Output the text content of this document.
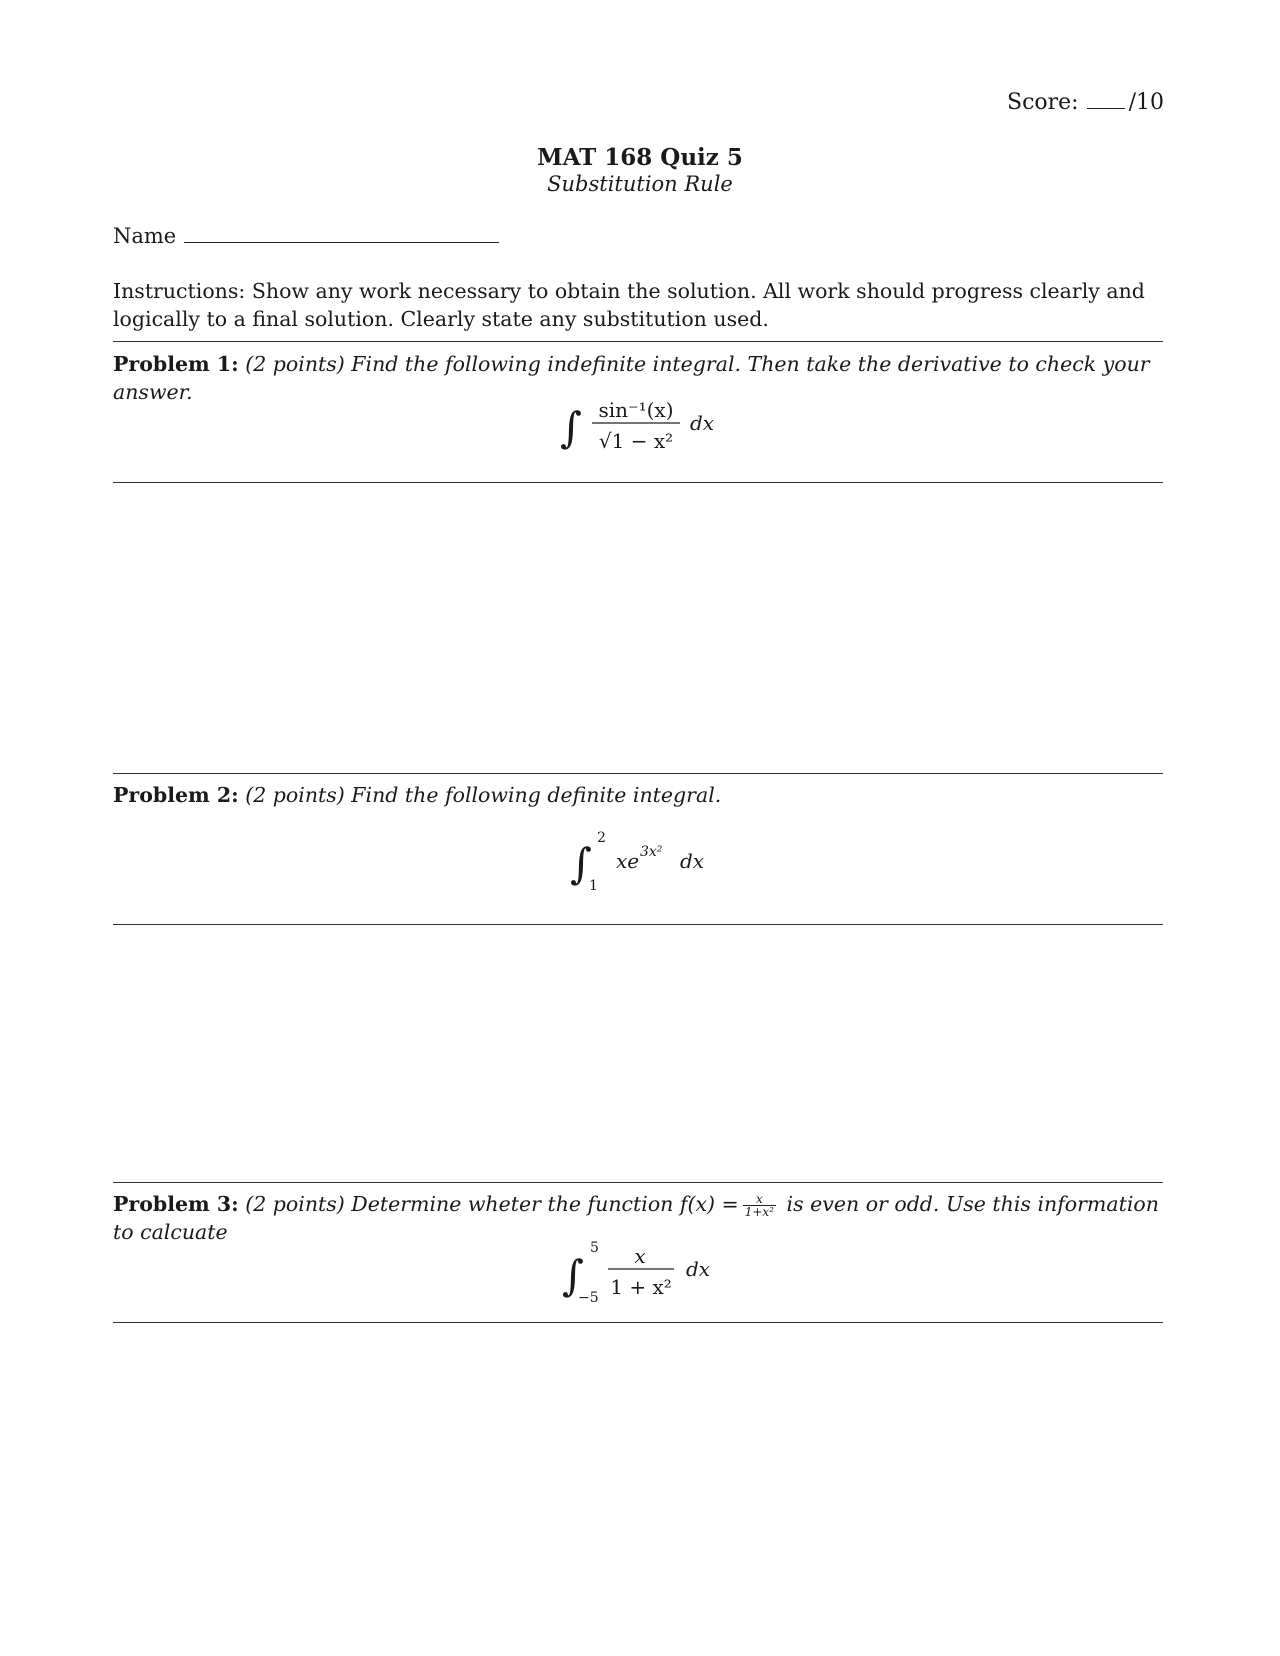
Score: /10
MAT 168 Quiz 5
Substitution Rule
Name
Instructions: Show any work necessary to obtain the solution. All work should progress clearly and logically to a final solution. Clearly state any substitution used.
Problem 1: (2 points) Find the following indefinite integral. Then take the derivative to check your answer.
∫ sin⁻¹(x)
√1 − x²
dx
Problem 2: (2 points) Find the following definite integral.
∫
2
1
xe 3x² dx
Problem 3: (2 points) Determine wheter the function $f(x) = \frac{x}{\text{1+x²}}$ is even or odd. Use this information to calcuate
∫
5
−5
x
1 + x²
dx
